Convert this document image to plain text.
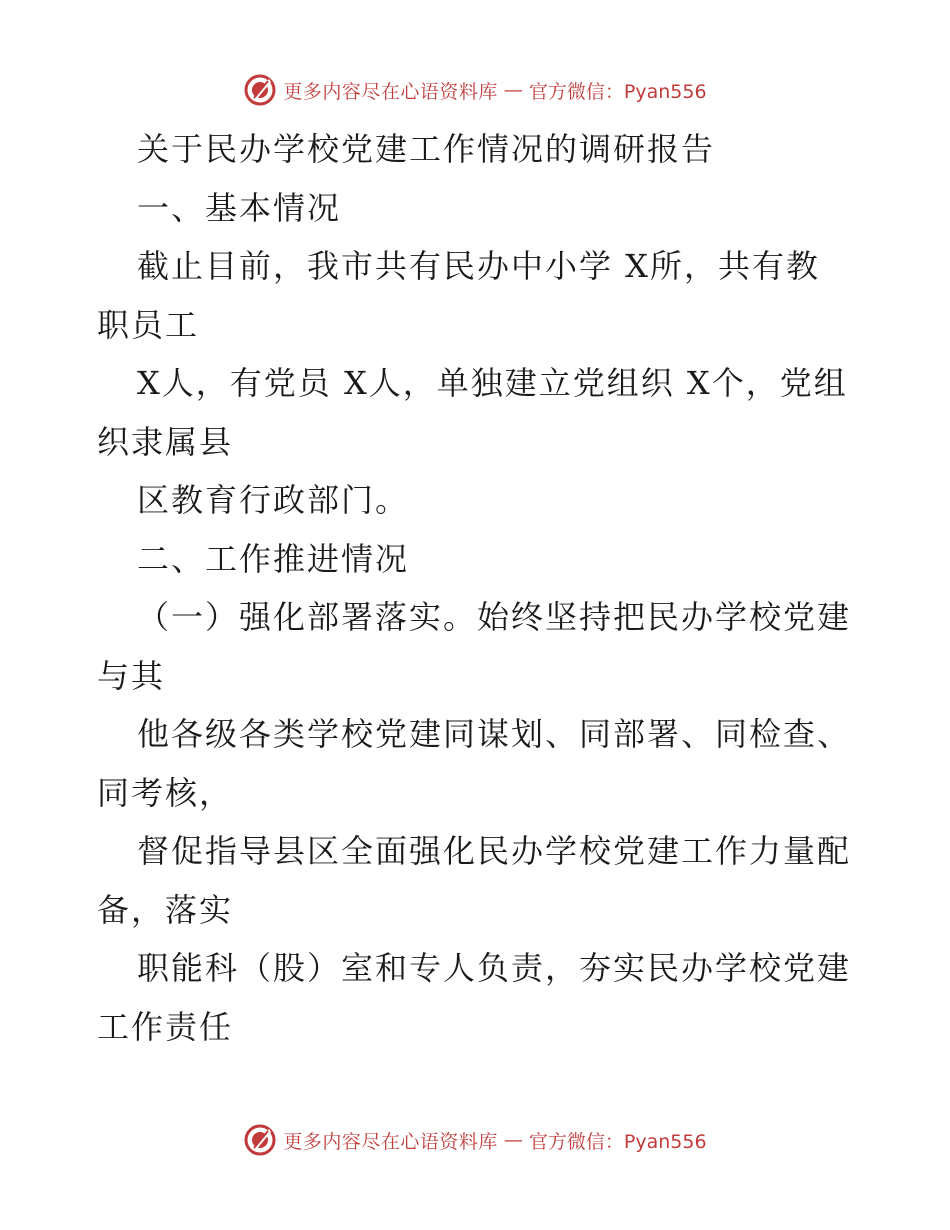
更多内容尽在心语资料库 — 官方微信：Pyan556
关于民办学校党建工作情况的调研报告
一、基本情况
截止目前，我市共有民办中小学 X所，共有教
职员工
X人，有党员 X人，单独建立党组织 X个，党组
织隶属县
区教育行政部门。
二、工作推进情况
（一）强化部署落实。始终坚持把民办学校党建
与其
他各级各类学校党建同谋划、同部署、同检查、
同考核，
督促指导县区全面强化民办学校党建工作力量配
备，落实
职能科（股）室和专人负责，夯实民办学校党建
工作责任
更多内容尽在心语资料库 — 官方微信：Pyan556
